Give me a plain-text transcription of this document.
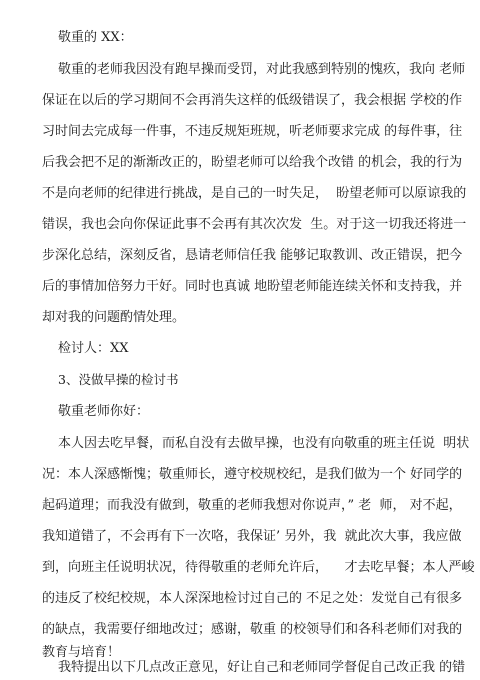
敬重的 XX：
敬重的老师我因没有跑早操而受罚，对此我感到特别的愧疚，我向 老师
保证在以后的学习期间不会再消失这样的低级错误了，我会根据 学校的作
习时间去完成每一件事，不违反规矩班规，听老师要求完成 的每件事，往
后我会把不足的渐渐改正的，盼望老师可以给我个改错 的机会，我的行为
不是向老师的纪律进行挑战，是自己的一时失足，  盼望老师可以原谅我的
错误，我也会向你保证此事不会再有其次次发  生。对于这一切我还将进一
步深化总结，深刻反省，恳请老师信任我 能够记取教训、改正错误，把今
后的事情加倍努力干好。同时也真诚 地盼望老师能连续关怀和支持我，并
却对我的问题酌情处理。
检讨人：XX
3、没做早操的检讨书
敬重老师你好：
本人因去吃早餐，而私自没有去做早操，也没有向敬重的班主任说  明状
况：本人深感惭愧；敬重师长，遵守校规校纪，是我们做为一个 好同学的
起码道理；而我没有做到，敬重的老师我想对你说声，” 老  师， 对不起，
我知道错了，不会再有下一次咯，我保证’ 另外，我  就此次大事，我应做
到，向班主任说明状况，待得敬重的老师允许后，    才去吃早餐；本人严峻
的违反了校纪校规，本人深深地检讨过自己的 不足之处：发觉自己有很多
的缺点，我需要仔细地改过；感谢，敬重 的校领导们和各科老师们对我的
教育与培育！
我特提出以下几点改正意见，好让自己和老师同学督促自己改正我 的错
